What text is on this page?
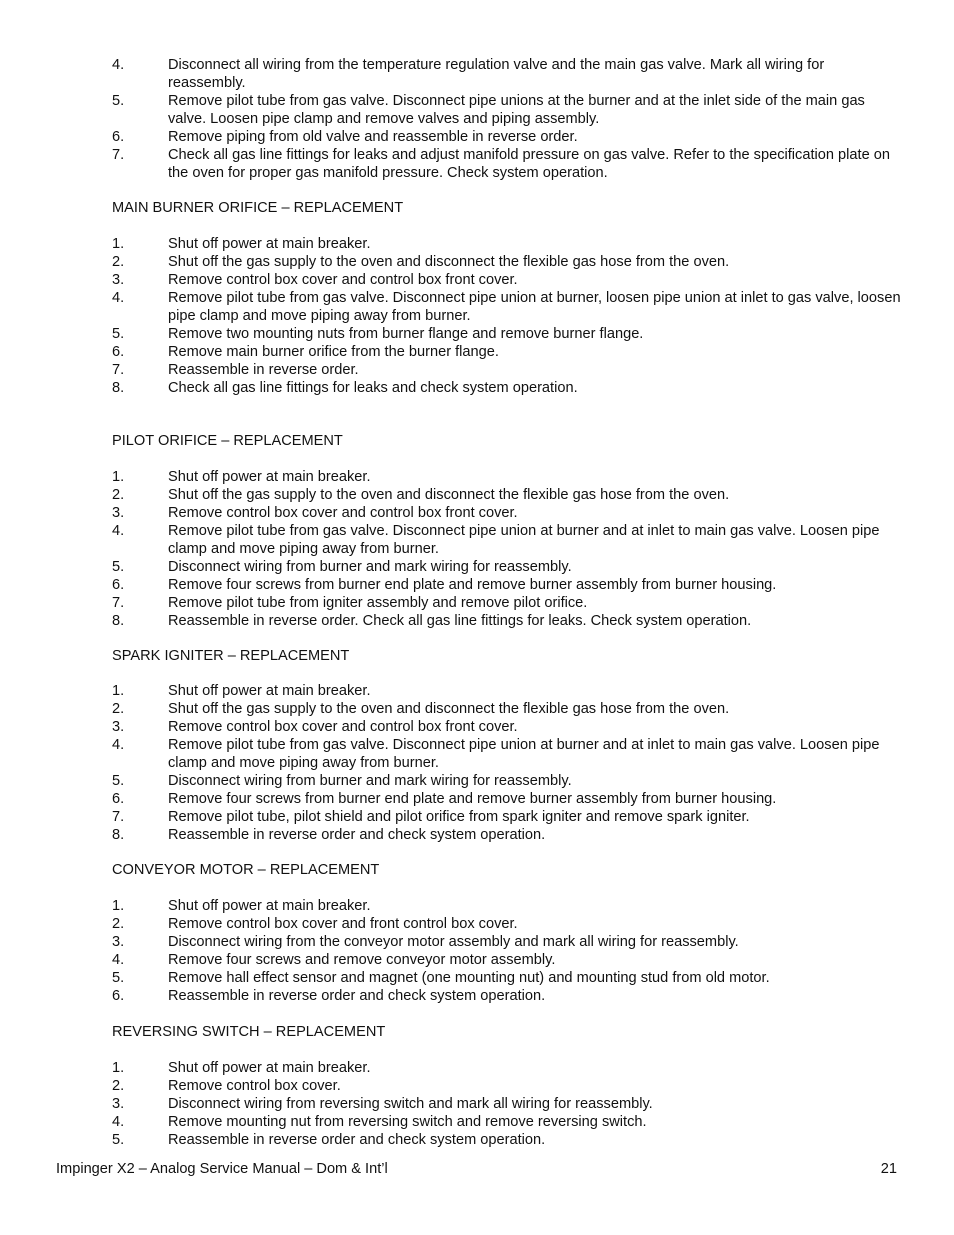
4.	Disconnect all wiring from the temperature regulation valve and the main gas valve. Mark all wiring for reassembly.
5.	Remove pilot tube from gas valve. Disconnect pipe unions at the burner and at the inlet side of the main gas valve. Loosen pipe clamp and remove valves and piping assembly.
6.	Remove piping from old valve and reassemble in reverse order.
7.	Check all gas line fittings for leaks and adjust manifold pressure on gas valve. Refer to the specification plate on the oven for proper gas manifold pressure. Check system operation.
MAIN BURNER ORIFICE – REPLACEMENT
1.	Shut off power at main breaker.
2.	Shut off the gas supply to the oven and disconnect the flexible gas hose from the oven.
3.	Remove control box cover and control box front cover.
4.	Remove pilot tube from gas valve. Disconnect pipe union at burner, loosen pipe union at inlet to gas valve, loosen pipe clamp and move piping away from burner.
5.	Remove two mounting nuts from burner flange and remove burner flange.
6.	Remove main burner orifice from the burner flange.
7.	Reassemble in reverse order.
8.	Check all gas line fittings for leaks and check system operation.
PILOT ORIFICE – REPLACEMENT
1.	Shut off power at main breaker.
2.	Shut off the gas supply to the oven and disconnect the flexible gas hose from the oven.
3.	Remove control box cover and control box front cover.
4.	Remove pilot tube from gas valve. Disconnect pipe union at burner and at inlet to main gas valve. Loosen pipe clamp and move piping away from burner.
5.	Disconnect wiring from burner and mark wiring for reassembly.
6.	Remove four screws from burner end plate and remove burner assembly from burner housing.
7.	Remove pilot tube from igniter assembly and remove pilot orifice.
8.	Reassemble in reverse order. Check all gas line fittings for leaks. Check system operation.
SPARK IGNITER – REPLACEMENT
1.	Shut off power at main breaker.
2.	Shut off the gas supply to the oven and disconnect the flexible gas hose from the oven.
3.	Remove control box cover and control box front cover.
4.	Remove pilot tube from gas valve. Disconnect pipe union at burner and at inlet to main gas valve. Loosen pipe clamp and move piping away from burner.
5.	Disconnect wiring from burner and mark wiring for reassembly.
6.	Remove four screws from burner end plate and remove burner assembly from burner housing.
7.	Remove pilot tube, pilot shield and pilot orifice from spark igniter and remove spark igniter.
8.	Reassemble in reverse order and check system operation.
CONVEYOR MOTOR – REPLACEMENT
1.	Shut off power at main breaker.
2.	Remove control box cover and front control box cover.
3.	Disconnect wiring from the conveyor motor assembly and mark all wiring for reassembly.
4.	Remove four screws and remove conveyor motor assembly.
5.	Remove hall effect sensor and magnet (one mounting nut) and mounting stud from old motor.
6.	Reassemble in reverse order and check system operation.
REVERSING SWITCH – REPLACEMENT
1.	Shut off power at main breaker.
2.	Remove control box cover.
3.	Disconnect wiring from reversing switch and mark all wiring for reassembly.
4.	Remove mounting nut from reversing switch and remove reversing switch.
5.	Reassemble in reverse order and check system operation.
Impinger X2 – Analog Service Manual – Dom & Int’l	21
